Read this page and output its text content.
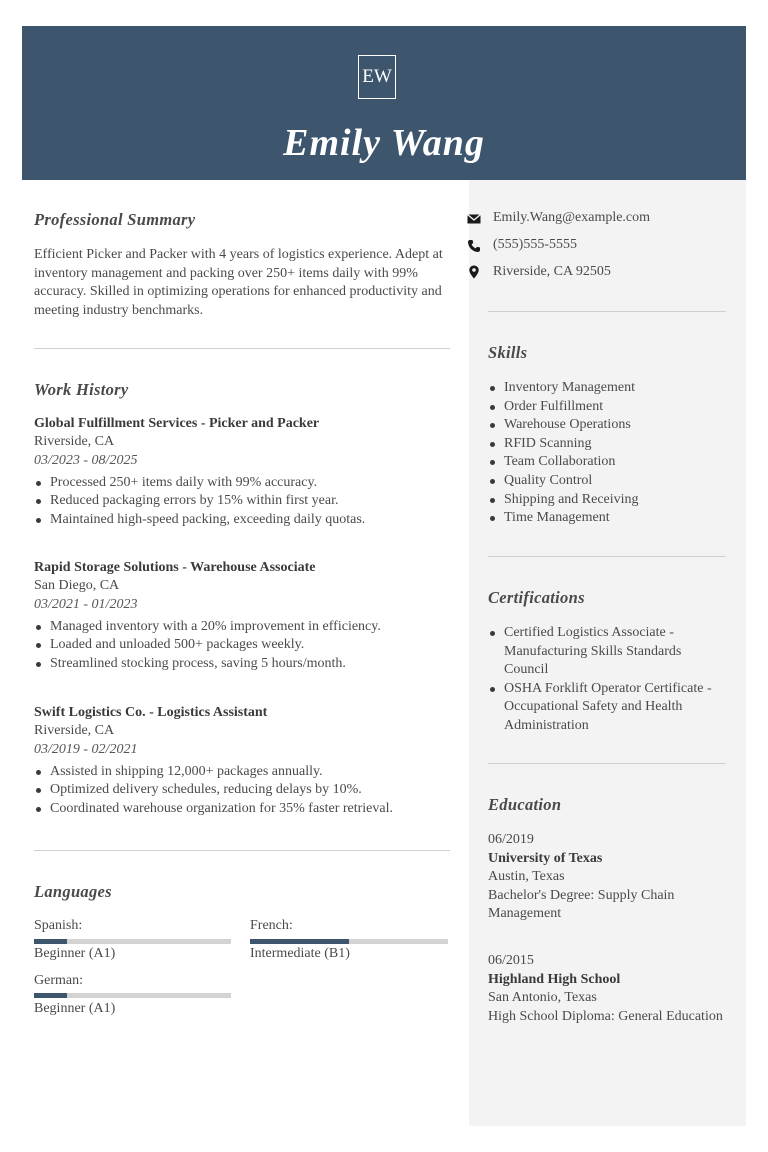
EW
Emily Wang
Professional Summary
Efficient Picker and Packer with 4 years of logistics experience. Adept at inventory management and packing over 250+ items daily with 99% accuracy. Skilled in optimizing operations for enhanced productivity and meeting industry benchmarks.
Work History
Global Fulfillment Services - Picker and Packer
Riverside, CA
03/2023 - 08/2025
Processed 250+ items daily with 99% accuracy.
Reduced packaging errors by 15% within first year.
Maintained high-speed packing, exceeding daily quotas.
Rapid Storage Solutions - Warehouse Associate
San Diego, CA
03/2021 - 01/2023
Managed inventory with a 20% improvement in efficiency.
Loaded and unloaded 500+ packages weekly.
Streamlined stocking process, saving 5 hours/month.
Swift Logistics Co. - Logistics Assistant
Riverside, CA
03/2019 - 02/2021
Assisted in shipping 12,000+ packages annually.
Optimized delivery schedules, reducing delays by 10%.
Coordinated warehouse organization for 35% faster retrieval.
Languages
Spanish:
Beginner (A1)
French:
Intermediate (B1)
German:
Beginner (A1)
Emily.Wang@example.com
(555)555-5555
Riverside, CA 92505
Skills
Inventory Management
Order Fulfillment
Warehouse Operations
RFID Scanning
Team Collaboration
Quality Control
Shipping and Receiving
Time Management
Certifications
Certified Logistics Associate - Manufacturing Skills Standards Council
OSHA Forklift Operator Certificate - Occupational Safety and Health Administration
Education
06/2019
University of Texas
Austin, Texas
Bachelor's Degree: Supply Chain Management
06/2015
Highland High School
San Antonio, Texas
High School Diploma: General Education
